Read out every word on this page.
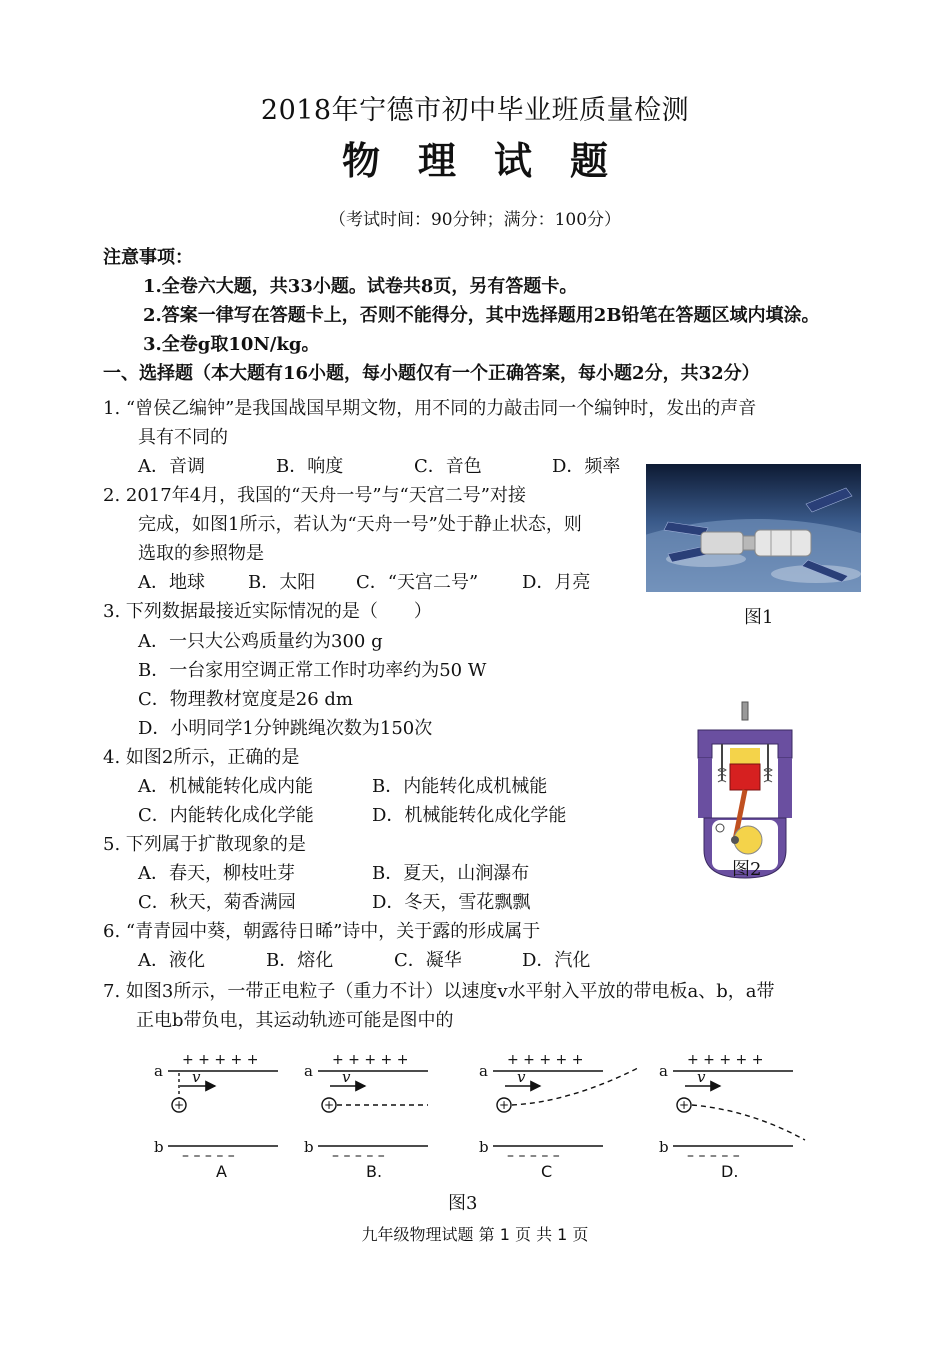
2018年宁德市初中毕业班质量检测
物理试题
（考试时间：90分钟；满分：100分）
注意事项：
1.全卷六大题，共33小题。试卷共8页，另有答题卡。
2.答案一律写在答题卡上，否则不能得分，其中选择题用2B铅笔在答题区域内填涂。
3.全卷g取10N/kg。
一、选择题（本大题有16小题，每小题仅有一个正确答案，每小题2分，共32分）
1. “曾侯乙编钟”是我国战国早期文物，用不同的力敲击同一个编钟时，发出的声音
具有不同的
A．音调	B．响度	C．音色	D．频率
2. 2017年4月，我国的“天舟一号”与“天宫二号”对接
完成，如图1所示，若认为“天舟一号”处于静止状态，则
选取的参照物是
A．地球 B．太阳 C．“天宫二号” D．月亮
图1
3. 下列数据最接近实际情况的是（　　）
A．一只大公鸡质量约为300 g
B．一台家用空调正常工作时功率约为50 W
C．物理教材宽度是26 dm
D．小明同学1分钟跳绳次数为150次
图2
4. 如图2所示，正确的是
A．机械能转化成内能	B．内能转化成机械能
C．内能转化成化学能	D．机械能转化成化学能
5. 下列属于扩散现象的是
A．春天，柳枝吐芽	B．夏天，山涧瀑布
C．秋天，菊香满园	D．冬天，雪花飘飘
6. “青青园中葵，朝露待日晞”诗中，关于露的形成属于
A．液化	B．熔化	C．凝华	D．汽化
7. 如图3所示，一带正电粒子（重力不计）以速度v水平射入平放的带电板a、b，a带
正电b带负电，其运动轨迹可能是图中的
+	+	+	+
a	a	a	a
b	b	b	b
+ + + + +	+ + + + +	+ + + + +	+ + + + +
– – – – –	– – – – –	– – – – –	– – – – –
v	v	v	v
A	B.	C	D.
图3
九年级物理试题 第 1 页 共 1 页
